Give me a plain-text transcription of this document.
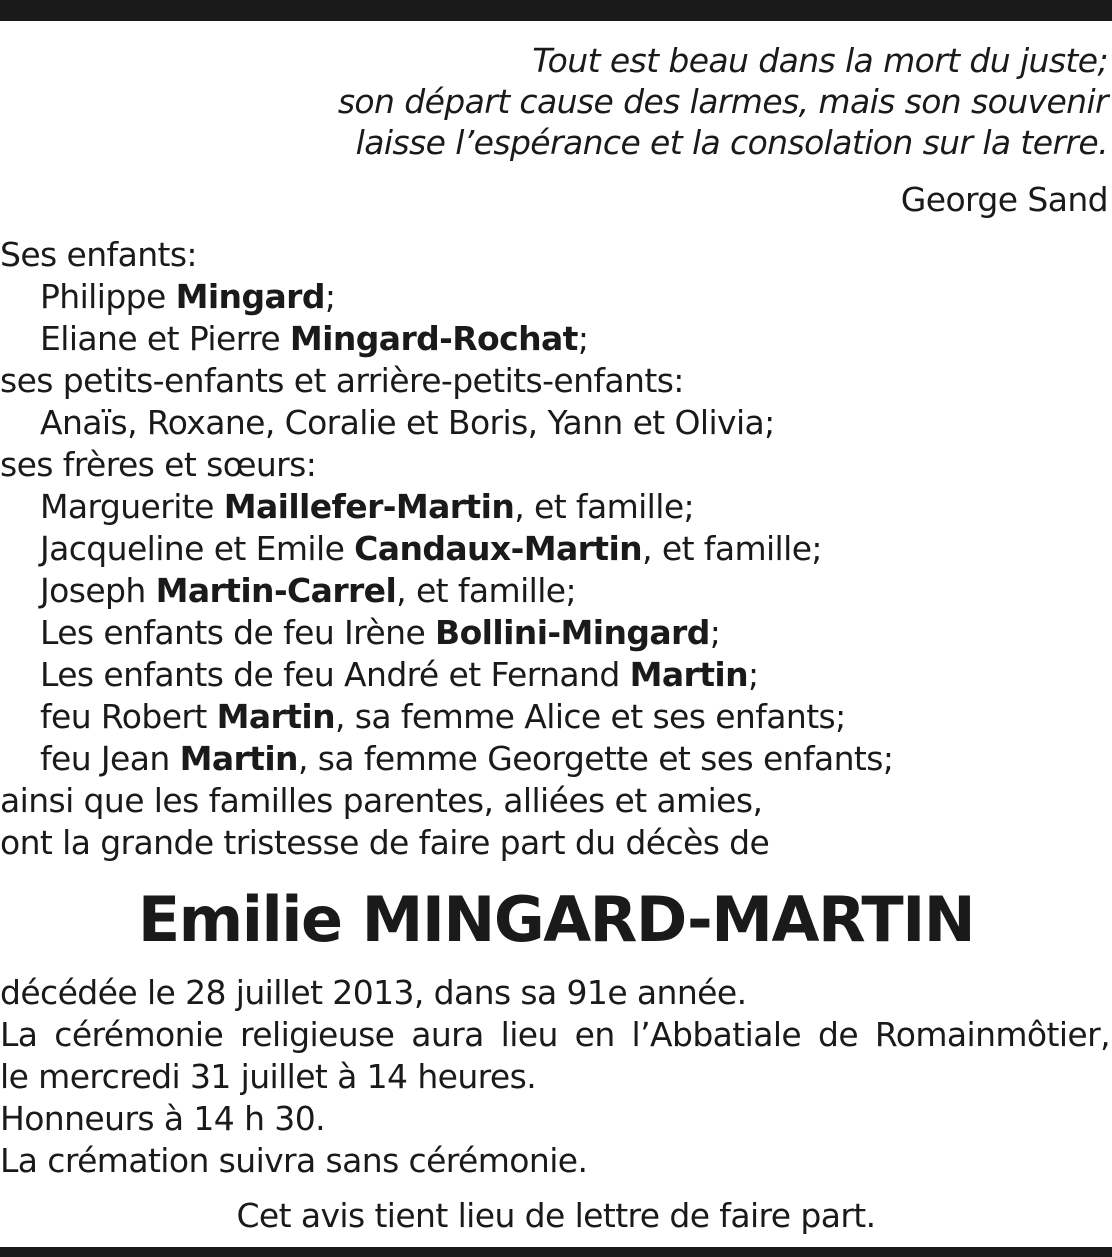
Tout est beau dans la mort du juste;
son départ cause des larmes, mais son souvenir
laisse l’espérance et la consolation sur la terre.
George Sand
Ses enfants:
Philippe Mingard;
Eliane et Pierre Mingard-Rochat;
ses petits-enfants et arrière-petits-enfants:
Anaïs, Roxane, Coralie et Boris, Yann et Olivia;
ses frères et sœurs:
Marguerite Maillefer-Martin, et famille;
Jacqueline et Emile Candaux-Martin, et famille;
Joseph Martin-Carrel, et famille;
Les enfants de feu Irène Bollini-Mingard;
Les enfants de feu André et Fernand Martin;
feu Robert Martin, sa femme Alice et ses enfants;
feu Jean Martin, sa femme Georgette et ses enfants;
ainsi que les familles parentes, alliées et amies,
ont la grande tristesse de faire part du décès de
Emilie MINGARD-MARTIN
décédée le 28 juillet 2013, dans sa 91e année.
La cérémonie religieuse aura lieu en l’Abbatiale de Romainmôtier,
le mercredi 31 juillet à 14 heures.
Honneurs à 14 h 30.
La crémation suivra sans cérémonie.
Cet avis tient lieu de lettre de faire part.
